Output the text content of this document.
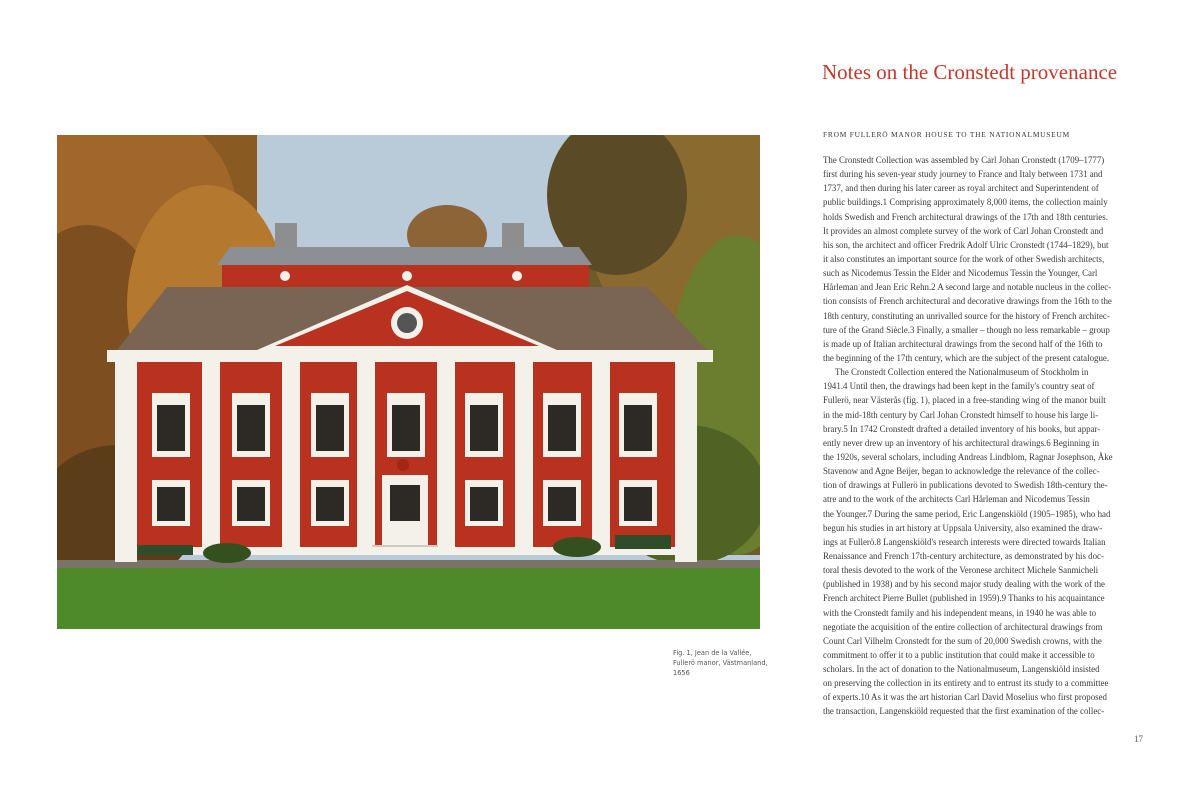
Fig. 1, Jean de la Vallée,
Fullerö manor, Västmanland,
1656
Notes on the Cronstedt provenance
FROM FULLERÖ MANOR HOUSE TO THE NATIONALMUSEUM
The Cronstedt Collection was assembled by Carl Johan Cronstedt (1709–1777)
first during his seven-year study journey to France and Italy between 1731 and
1737, and then during his later career as royal architect and Superintendent of
public buildings.1 Comprising approximately 8,000 items, the collection mainly
holds Swedish and French architectural drawings of the 17th and 18th centuries.
It provides an almost complete survey of the work of Carl Johan Cronstedt and
his son, the architect and officer Fredrik Adolf Ulric Cronstedt (1744–1829), but
it also constitutes an important source for the work of other Swedish architects,
such as Nicodemus Tessin the Elder and Nicodemus Tessin the Younger, Carl
Hårleman and Jean Eric Rehn.2 A second large and notable nucleus in the collec-
tion consists of French architectural and decorative drawings from the 16th to the
18th century, constituting an unrivalled source for the history of French architec-
ture of the Grand Siècle.3 Finally, a smaller – though no less remarkable – group
is made up of Italian architectural drawings from the second half of the 16th to
the beginning of the 17th century, which are the subject of the present catalogue.
The Cronstedt Collection entered the Nationalmuseum of Stockholm in
1941.4 Until then, the drawings had been kept in the family's country seat of
Fullerö, near Västerås (fig. 1), placed in a free-standing wing of the manor built
in the mid-18th century by Carl Johan Cronstedt himself to house his large li-
brary.5 In 1742 Cronstedt drafted a detailed inventory of his books, but appar-
ently never drew up an inventory of his architectural drawings.6 Beginning in
the 1920s, several scholars, including Andreas Lindblom, Ragnar Josephson, Åke
Stavenow and Agne Beijer, began to acknowledge the relevance of the collec-
tion of drawings at Fullerö in publications devoted to Swedish 18th-century the-
atre and to the work of the architects Carl Hårleman and Nicodemus Tessin
the Younger.7 During the same period, Eric Langenskiöld (1905–1985), who had
begun his studies in art history at Uppsala University, also examined the draw-
ings at Fullerö.8 Langenskiöld's research interests were directed towards Italian
Renaissance and French 17th-century architecture, as demonstrated by his doc-
toral thesis devoted to the work of the Veronese architect Michele Sanmicheli
(published in 1938) and by his second major study dealing with the work of the
French architect Pierre Bullet (published in 1959).9 Thanks to his acquaintance
with the Cronstedt family and his independent means, in 1940 he was able to
negotiate the acquisition of the entire collection of architectural drawings from
Count Carl Vilhelm Cronstedt for the sum of 20,000 Swedish crowns, with the
commitment to offer it to a public institution that could make it accessible to
scholars. In the act of donation to the Nationalmuseum, Langenskiöld insisted
on preserving the collection in its entirety and to entrust its study to a committee
of experts.10 As it was the art historian Carl David Moselius who first proposed
the transaction, Langenskiöld requested that the first examination of the collec-
17
